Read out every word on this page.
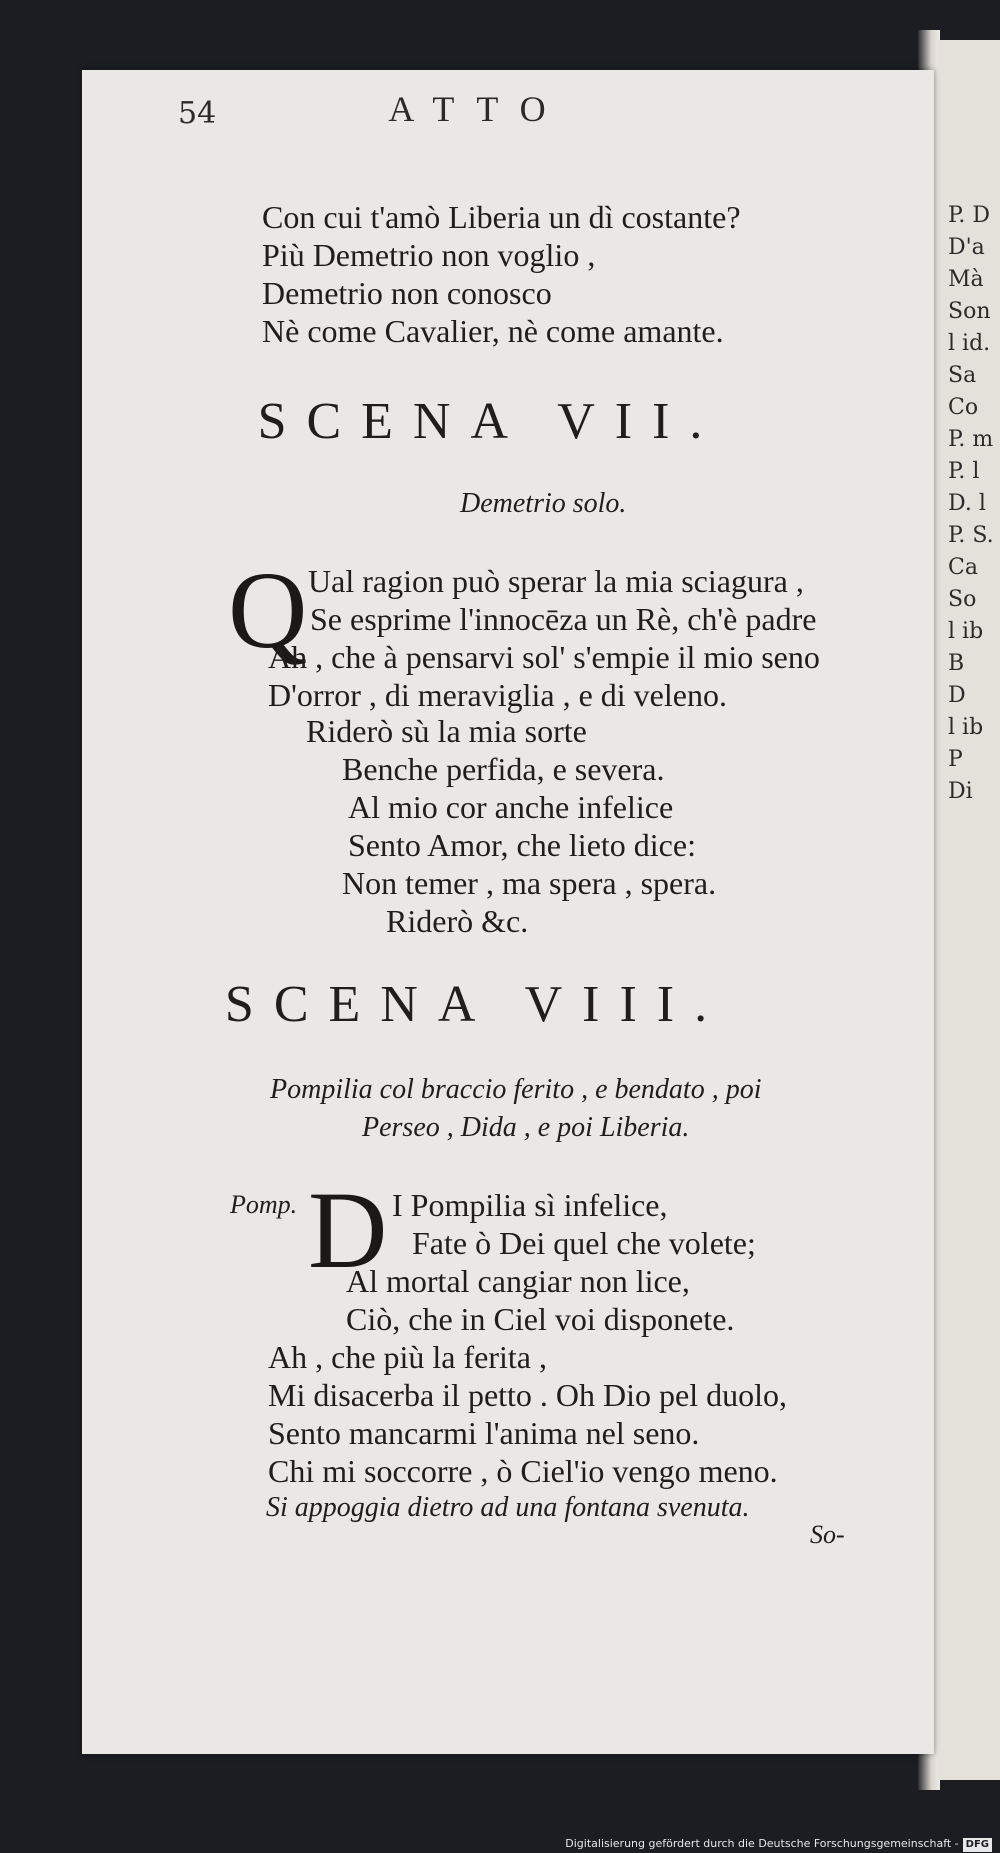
P. D
D'a
Mà
Son
l id.
Sa
Co
P. m
P. l
D. l
P. S.
Ca
So
l ib
B
D
l ib
P
Di
54	ATTO
Con cui t'amò Liberia un dì costante?
Più Demetrio non voglio ,
Demetrio non conosco
Nè come Cavalier, nè come amante.
SCENA VII.
Demetrio solo.
Q Ual ragion può sperar la mia sciagura ,
Se esprime l'innocēza un Rè, ch'è padre
Ah , che à pensarvi sol' s'empie il mio seno
D'orror , di meraviglia , e di veleno.
Riderò sù la mia sorte
Benche perfida, e severa.
Al mio cor anche infelice
Sento Amor, che lieto dice:
Non temer , ma spera , spera.
Riderò &c.
SCENA VIII.
Pompilia col braccio ferito , e bendato , poi
Perseo , Dida , e poi Liberia.
Pomp. D I Pompilia sì infelice,
Fate ò Dei quel che volete;
Al mortal cangiar non lice,
Ciò, che in Ciel voi disponete.
Ah , che più la ferita ,
Mi disacerba il petto . Oh Dio pel duolo,
Sento mancarmi l'anima nel seno.
Chi mi soccorre , ò Ciel'io vengo meno.
Si appoggia dietro ad una fontana svenuta.
So-
Digitalisierung gefördert durch die Deutsche Forschungsgemeinschaft - DFG
